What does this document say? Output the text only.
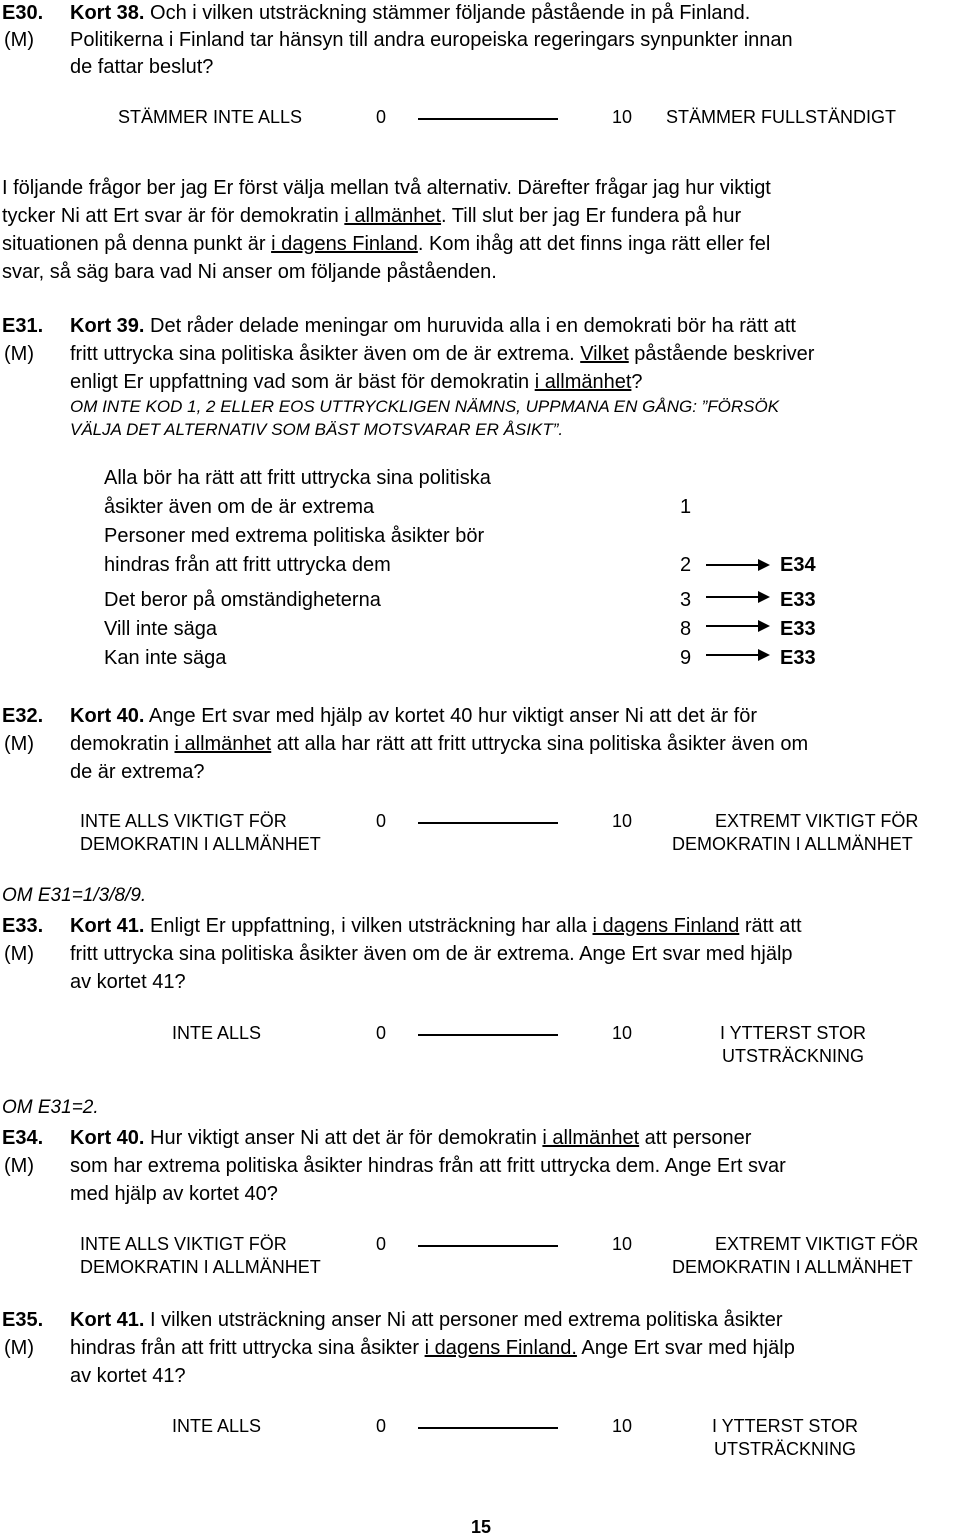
E30. Kort 38. Och i vilken utsträckning stämmer följande påstående in på Finland.
(M) Politikerna i Finland tar hänsyn till andra europeiska regeringars synpunkter innan
de fattar beslut?
STÄMMER INTE ALLS	0	10 STÄMMER FULLSTÄNDIGT
I följande frågor ber jag Er först välja mellan två alternativ. Därefter frågar jag hur viktigt
tycker Ni att Ert svar är för demokratin i allmänhet. Till slut ber jag Er fundera på hur
situationen på denna punkt är i dagens Finland. Kom ihåg att det finns inga rätt eller fel
svar, så säg bara vad Ni anser om följande påståenden.
E31. Kort 39. Det råder delade meningar om huruvida alla i en demokrati bör ha rätt att
(M) fritt uttrycka sina politiska åsikter även om de är extrema. Vilket påstående beskriver
enligt Er uppfattning vad som är bäst för demokratin i allmänhet?
OM INTE KOD 1, 2 ELLER EOS UTTRYCKLIGEN NÄMNS, UPPMANA EN GÅNG: ”FÖRSÖK
VÄLJA DET ALTERNATIV SOM BÄST MOTSVARAR ER ÅSIKT”.
Alla bör ha rätt att fritt uttrycka sina politiska
åsikter även om de är extrema	1
Personer med extrema politiska åsikter bör
hindras från att fritt uttrycka dem	2	E34
Det beror på omständigheterna	3	E33
Vill inte säga	8	E33
Kan inte säga	9	E33
E32. Kort 40. Ange Ert svar med hjälp av kortet 40 hur viktigt anser Ni att det är för
(M) demokratin i allmänhet att alla har rätt att fritt uttrycka sina politiska åsikter även om
de är extrema?
INTE ALLS VIKTIGT FÖR
DEMOKRATIN I ALLMÄNHET
0	10	EXTREMT VIKTIGT FÖR
DEMOKRATIN I ALLMÄNHET
OM E31=1/3/8/9.
E33. Kort 41. Enligt Er uppfattning, i vilken utsträckning har alla i dagens Finland rätt att
(M) fritt uttrycka sina politiska åsikter även om de är extrema. Ange Ert svar med hjälp
av kortet 41?
INTE ALLS	0	10	I YTTERST STOR
UTSTRÄCKNING
OM E31=2.
E34. Kort 40. Hur viktigt anser Ni att det är för demokratin i allmänhet att personer
(M) som har extrema politiska åsikter hindras från att fritt uttrycka dem. Ange Ert svar
med hjälp av kortet 40?
INTE ALLS VIKTIGT FÖR
DEMOKRATIN I ALLMÄNHET
0	10	EXTREMT VIKTIGT FÖR
DEMOKRATIN I ALLMÄNHET
E35. Kort 41. I vilken utsträckning anser Ni att personer med extrema politiska åsikter
(M) hindras från att fritt uttrycka sina åsikter i dagens Finland. Ange Ert svar med hjälp
av kortet 41?
INTE ALLS	0	10	I YTTERST STOR
UTSTRÄCKNING
15
